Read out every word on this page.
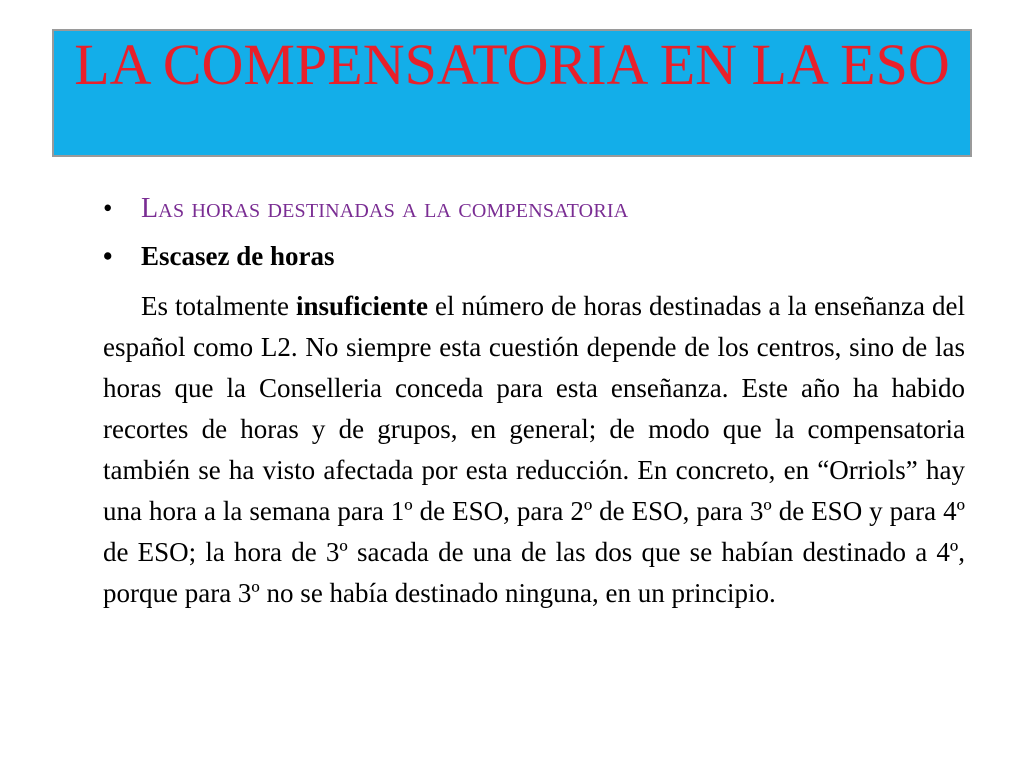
LA COMPENSATORIA EN LA ESO
•	Las horas destinadas a la compensatoria
•	Escasez de horas

Es totalmente insuficiente el número de horas destinadas a la enseñanza del español como L2. No siempre esta cuestión depende de los centros, sino de las horas que la Conselleria conceda para esta enseñanza. Este año ha habido recortes de horas y de grupos, en general; de modo que la compensatoria también se ha visto afectada por esta reducción. En concreto, en “Orriols” hay una hora a la semana para 1º de ESO, para 2º de ESO, para 3º de ESO y para 4º de ESO; la hora de 3º sacada de una de las dos que se habían destinado a 4º, porque para 3º no se había destinado ninguna, en un principio.
